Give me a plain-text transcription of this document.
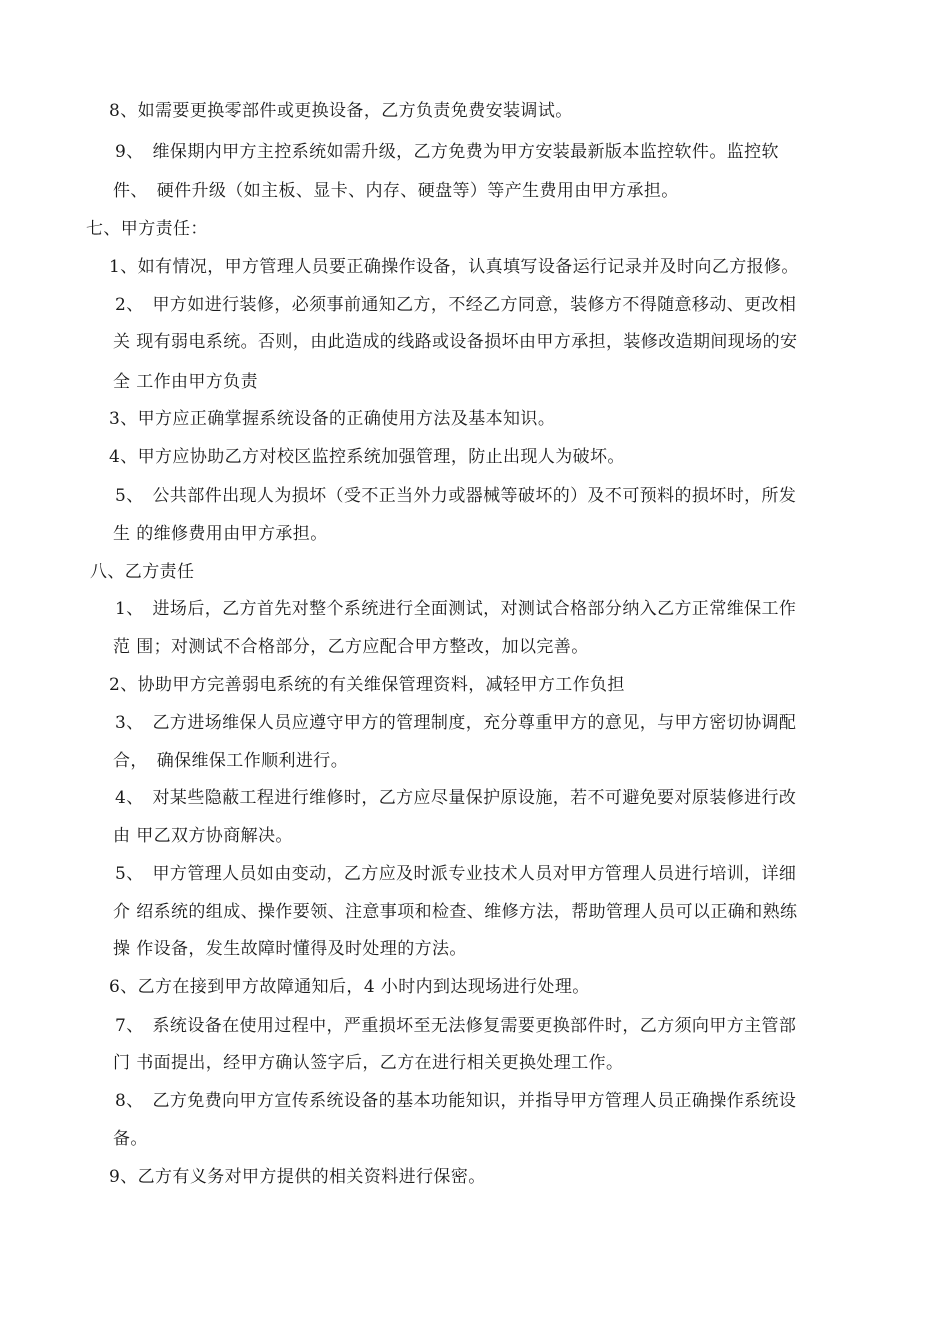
8、如需要更换零部件或更换设备，乙方负责免费安装调试。
9、　维保期内甲方主控系统如需升级，乙方免费为甲方安装最新版本监控软件。监控软
件、　硬件升级（如主板、显卡、内存、硬盘等）等产生费用由甲方承担。
七、甲方责任：
1、如有情况，甲方管理人员要正确操作设备，认真填写设备运行记录并及时向乙方报修。
2、　甲方如进行装修，必须事前通知乙方，不经乙方同意，装修方不得随意移动、更改相
关 现有弱电系统。否则，由此造成的线路或设备损坏由甲方承担，装修改造期间现场的安
全 工作由甲方负责
3、甲方应正确掌握系统设备的正确使用方法及基本知识。
4、甲方应协助乙方对校区监控系统加强管理，防止出现人为破坏。
5、　公共部件出现人为损坏（受不正当外力或器械等破坏的）及不可预料的损坏时，所发
生 的维修费用由甲方承担。
八、乙方责任
1、　进场后，乙方首先对整个系统进行全面测试，对测试合格部分纳入乙方正常维保工作
范 围；对测试不合格部分，乙方应配合甲方整改，加以完善。
2、协助甲方完善弱电系统的有关维保管理资料，减轻甲方工作负担
3、　乙方进场维保人员应遵守甲方的管理制度，充分尊重甲方的意见，与甲方密切协调配
合，　确保维保工作顺利进行。
4、　对某些隐蔽工程进行维修时，乙方应尽量保护原设施，若不可避免要对原装修进行改
由 甲乙双方协商解决。
5、　甲方管理人员如由变动，乙方应及时派专业技术人员对甲方管理人员进行培训，详细
介 绍系统的组成、操作要领、注意事项和检查、维修方法，帮助管理人员可以正确和熟练
操 作设备，发生故障时懂得及时处理的方法。
6、乙方在接到甲方故障通知后，4 小时内到达现场进行处理。
7、　系统设备在使用过程中，严重损坏至无法修复需要更换部件时，乙方须向甲方主管部
门 书面提出，经甲方确认签字后，乙方在进行相关更换处理工作。
8、　乙方免费向甲方宣传系统设备的基本功能知识，并指导甲方管理人员正确操作系统设
备。
9、乙方有义务对甲方提供的相关资料进行保密。
